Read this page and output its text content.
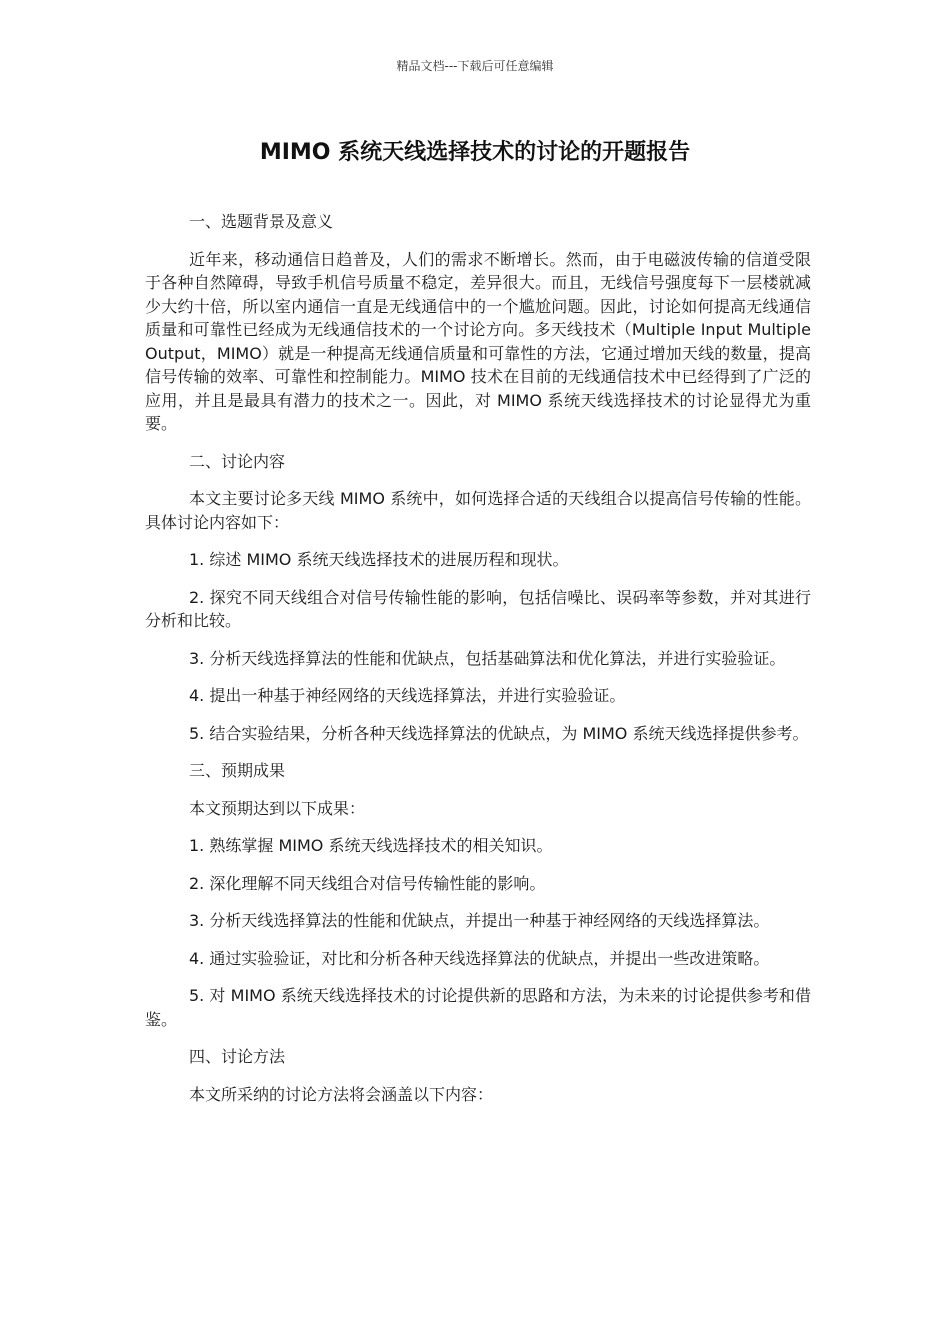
精品文档---下载后可任意编辑
MIMO 系统天线选择技术的讨论的开题报告

一、选题背景及意义

近年来，移动通信日趋普及，人们的需求不断增长。然而，由于电磁波传输的信道受限于各种自然障碍，导致手机信号质量不稳定，差异很大。而且，无线信号强度每下一层楼就减少大约十倍，所以室内通信一直是无线通信中的一个尴尬问题。因此，讨论如何提高无线通信质量和可靠性已经成为无线通信技术的一个讨论方向。多天线技术（Multiple Input Multiple Output，MIMO）就是一种提高无线通信质量和可靠性的方法，它通过增加天线的数量，提高信号传输的效率、可靠性和控制能力。MIMO 技术在目前的无线通信技术中已经得到了广泛的应用，并且是最具有潜力的技术之一。因此，对 MIMO 系统天线选择技术的讨论显得尤为重要。

二、讨论内容

本文主要讨论多天线 MIMO 系统中，如何选择合适的天线组合以提高信号传输的性能。具体讨论内容如下：

1. 综述 MIMO 系统天线选择技术的进展历程和现状。

2. 探究不同天线组合对信号传输性能的影响，包括信噪比、误码率等参数，并对其进行分析和比较。

3. 分析天线选择算法的性能和优缺点，包括基础算法和优化算法，并进行实验验证。

4. 提出一种基于神经网络的天线选择算法，并进行实验验证。

5. 结合实验结果，分析各种天线选择算法的优缺点，为 MIMO 系统天线选择提供参考。

三、预期成果

本文预期达到以下成果：

1. 熟练掌握 MIMO 系统天线选择技术的相关知识。

2. 深化理解不同天线组合对信号传输性能的影响。

3. 分析天线选择算法的性能和优缺点，并提出一种基于神经网络的天线选择算法。

4. 通过实验验证，对比和分析各种天线选择算法的优缺点，并提出一些改进策略。

5. 对 MIMO 系统天线选择技术的讨论提供新的思路和方法，为未来的讨论提供参考和借鉴。

四、讨论方法

本文所采纳的讨论方法将会涵盖以下内容：
